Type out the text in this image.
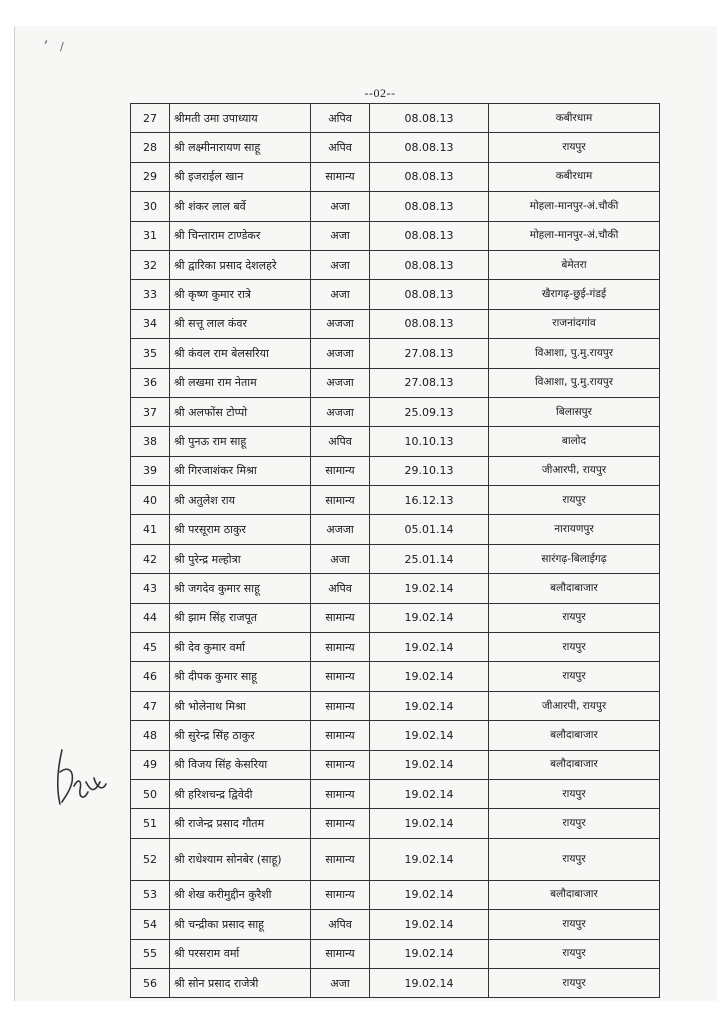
,
/
--02--
27	श्रीमती उमा उपाध्याय	अपिव	08.08.13	कबीरधाम
28	श्री लक्ष्मीनारायण साहू	अपिव	08.08.13	रायपुर
29	श्री इजराईल खान	सामान्य	08.08.13	कबीरधाम
30	श्री शंकर लाल बर्वे	अजा	08.08.13	मोहला-मानपुर-अं.चौकी
31	श्री चिन्ताराम टाण्डेकर	अजा	08.08.13	मोहला-मानपुर-अं.चौकी
32	श्री द्वारिका प्रसाद देशलहरे	अजा	08.08.13	बेमेतरा
33	श्री कृष्ण कुमार रात्रे	अजा	08.08.13	खैरागढ़-छुई-गंडई
34	श्री सत्तू लाल कंवर	अजजा	08.08.13	राजनांदगांव
35	श्री कंवल राम बेलसरिया	अजजा	27.08.13	विआशा, पु.मु.रायपुर
36	श्री लखमा राम नेताम	अजजा	27.08.13	विआशा, पु.मु.रायपुर
37	श्री अलफोंस टोप्पो	अजजा	25.09.13	बिलासपुर
38	श्री पुनऊ राम साहू	अपिव	10.10.13	बालोद
39	श्री गिरजाशंकर मिश्रा	सामान्य	29.10.13	जीआरपी, रायपुर
40	श्री अतुलेश राय	सामान्य	16.12.13	रायपुर
41	श्री परसूराम ठाकुर	अजजा	05.01.14	नारायणपुर
42	श्री पुरेन्द्र मल्होत्रा	अजा	25.01.14	सारंगढ़-बिलाईगढ़
43	श्री जगदेव कुमार साहू	अपिव	19.02.14	बलौदाबाजार
44	श्री झाम सिंह राजपूत	सामान्य	19.02.14	रायपुर
45	श्री देव कुमार वर्मा	सामान्य	19.02.14	रायपुर
46	श्री दीपक कुमार साहू	सामान्य	19.02.14	रायपुर
47	श्री भोलेनाथ मिश्रा	सामान्य	19.02.14	जीआरपी, रायपुर
48	श्री सुरेन्द्र सिंह ठाकुर	सामान्य	19.02.14	बलौदाबाजार
49	श्री विजय सिंह केसरिया	सामान्य	19.02.14	बलौदाबाजार
50	श्री हरिशचन्द्र द्विवेदी	सामान्य	19.02.14	रायपुर
51	श्री राजेन्द्र प्रसाद गौतम	सामान्य	19.02.14	रायपुर
52	श्री राधेश्याम सोनबेर (साहू)	सामान्य	19.02.14	रायपुर
53	श्री शेख करीमुद्दीन कुरैशी	सामान्य	19.02.14	बलौदाबाजार
54	श्री चन्द्रीका प्रसाद साहू	अपिव	19.02.14	रायपुर
55	श्री परसराम वर्मा	सामान्य	19.02.14	रायपुर
56	श्री सोन प्रसाद राजेत्री	अजा	19.02.14	रायपुर
